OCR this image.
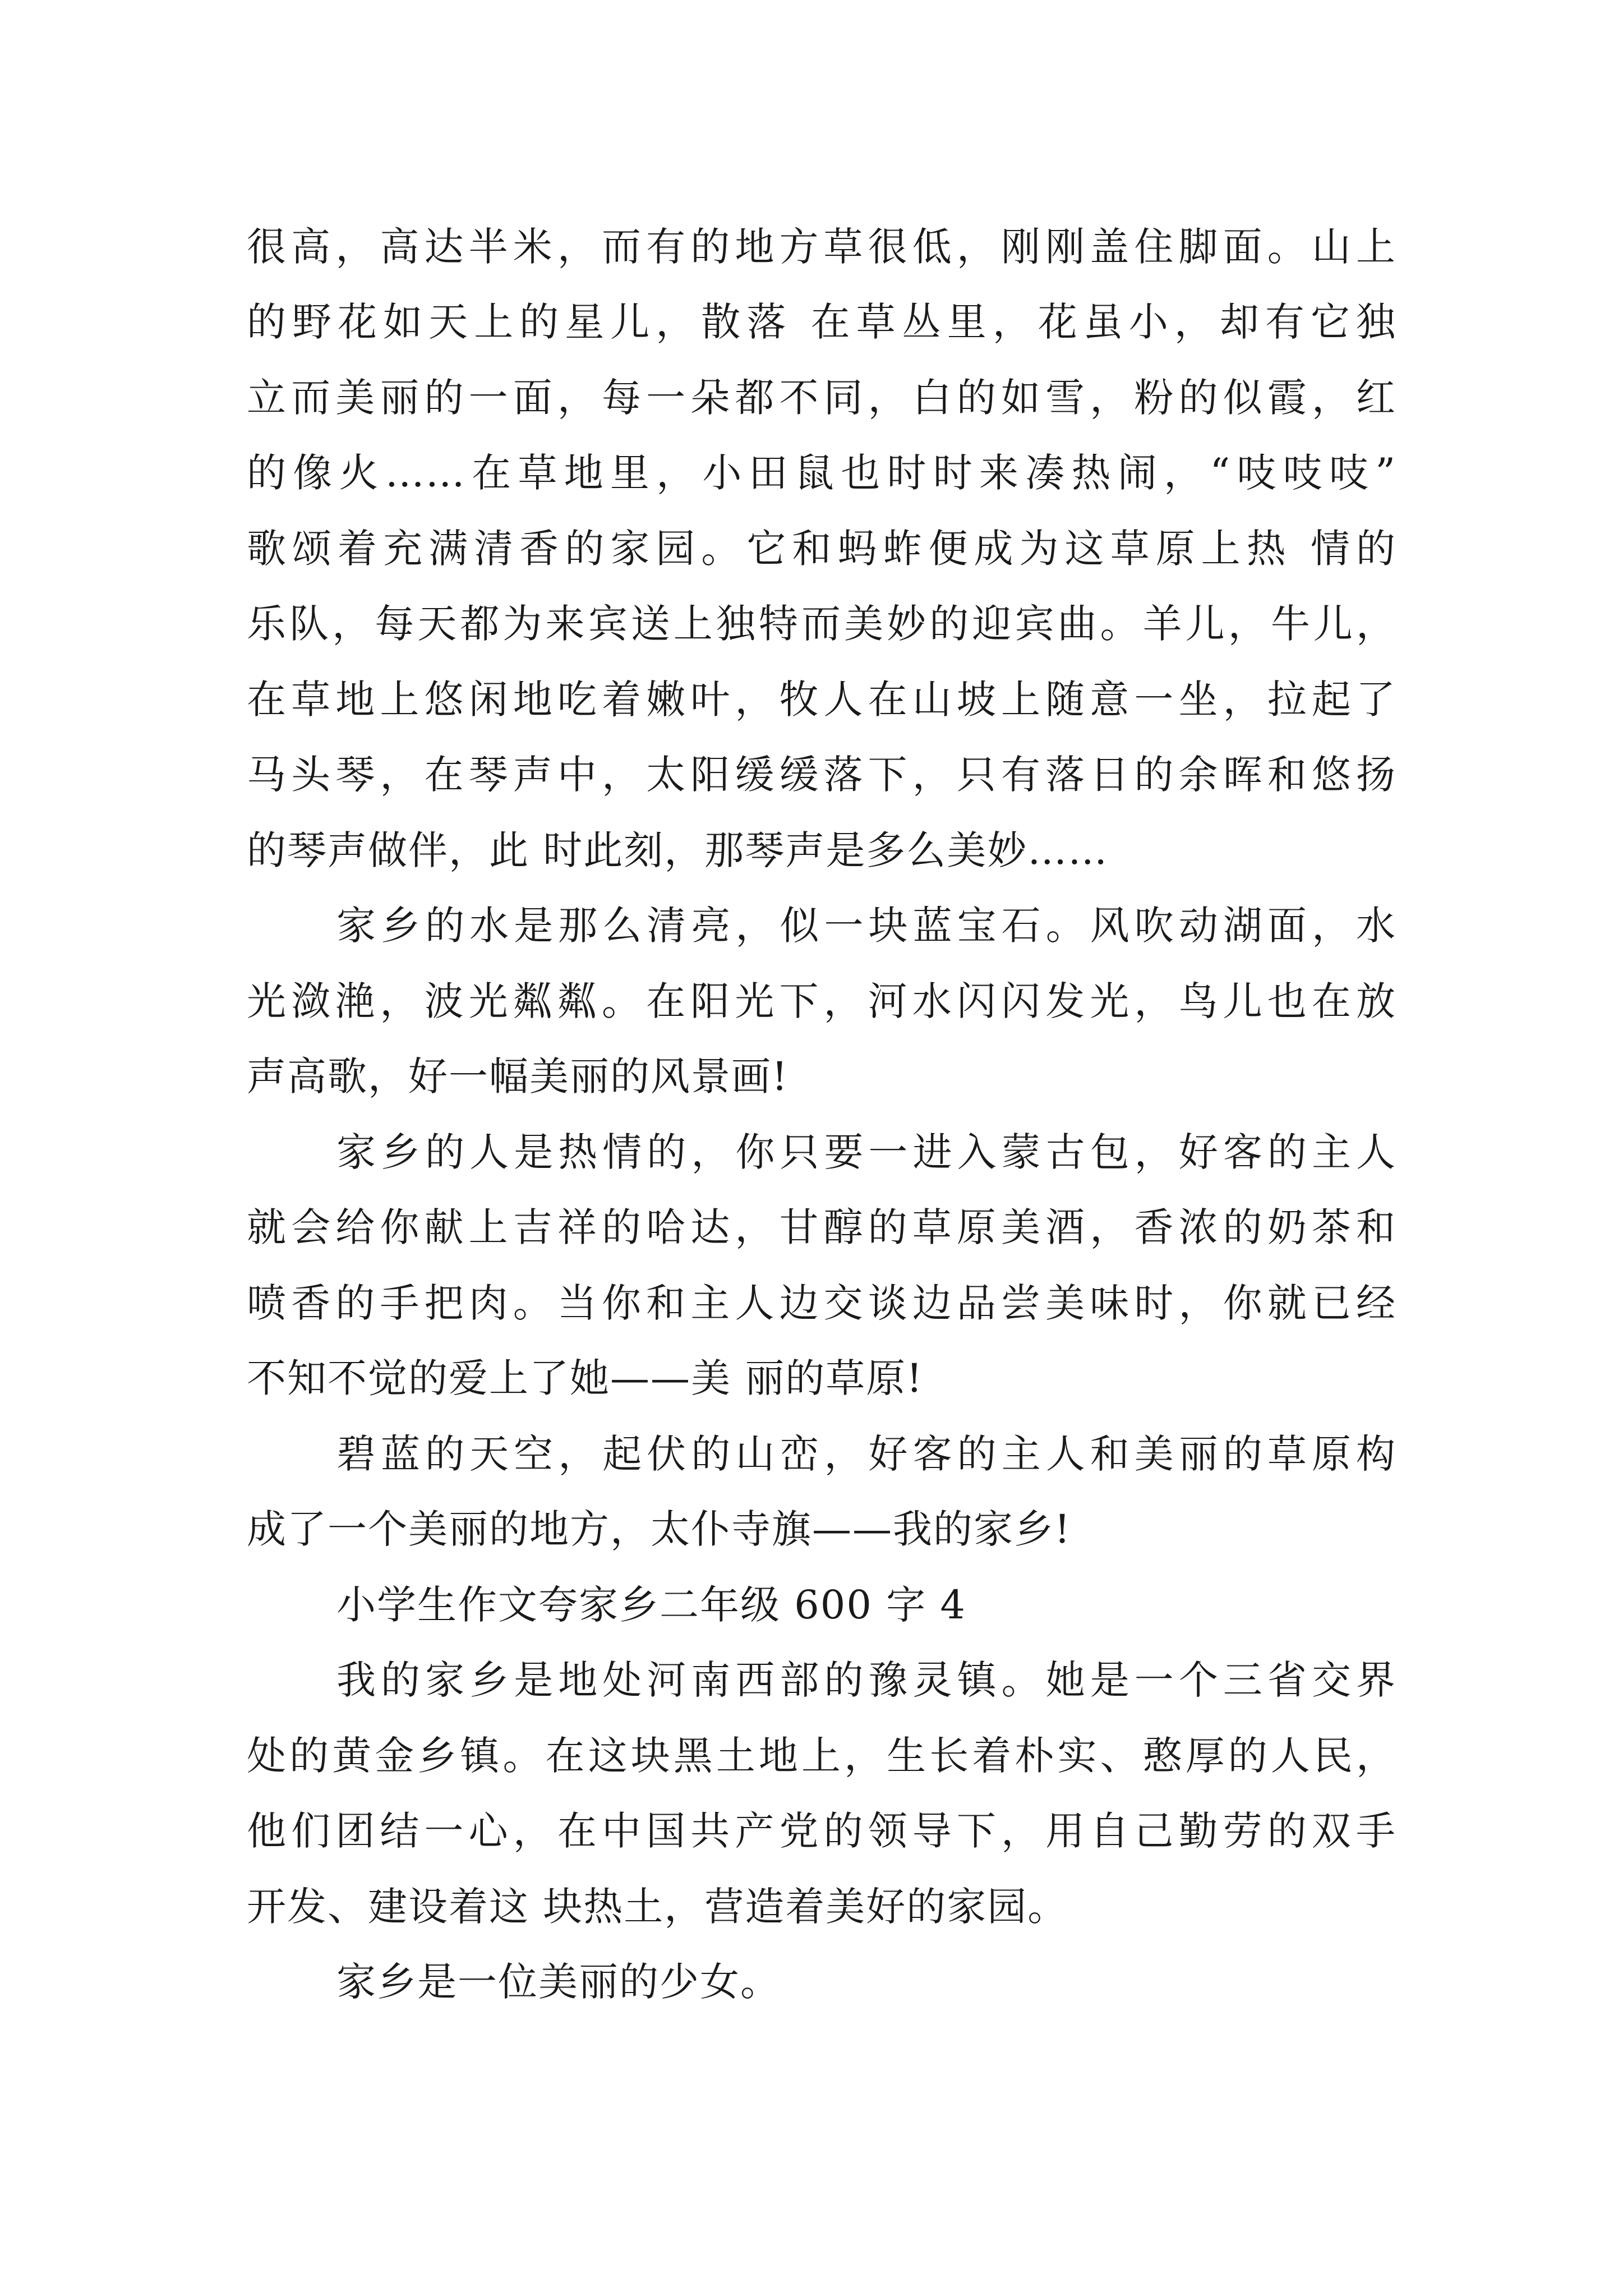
很高，高达半米，而有的地方草很低，刚刚盖住脚面。山上
的野花如天上的星儿，散落 在草丛里，花虽小，却有它独
立而美丽的一面，每一朵都不同，白的如雪，粉的似霞，红
的像火……在草地里，小田鼠也时时来凑热闹，“吱吱吱”
歌颂着充满清香的家园。它和蚂蚱便成为这草原上热 情的
乐队，每天都为来宾送上独特而美妙的迎宾曲。羊儿，牛儿，
在草地上悠闲地吃着嫩叶，牧人在山坡上随意一坐，拉起了
马头琴，在琴声中，太阳缓缓落下，只有落日的余晖和悠扬
的琴声做伴，此 时此刻，那琴声是多么美妙……
家乡的水是那么清亮，似一块蓝宝石。风吹动湖面，水
光潋滟，波光粼粼。在阳光下，河水闪闪发光，鸟儿也在放
声高歌，好一幅美丽的风景画!
家乡的人是热情的，你只要一进入蒙古包，好客的主人
就会给你献上吉祥的哈达，甘醇的草原美酒，香浓的奶茶和
喷香的手把肉。当你和主人边交谈边品尝美味时，你就已经
不知不觉的爱上了她——美 丽的草原!
碧蓝的天空，起伏的山峦，好客的主人和美丽的草原构
成了一个美丽的地方，太仆寺旗——我的家乡!
小学生作文夸家乡二年级 600 字 4
我的家乡是地处河南西部的豫灵镇。她是一个三省交界
处的黄金乡镇。在这块黑土地上，生长着朴实、憨厚的人民，
他们团结一心，在中国共产党的领导下，用自己勤劳的双手
开发、建设着这 块热土，营造着美好的家园。
家乡是一位美丽的少女。
